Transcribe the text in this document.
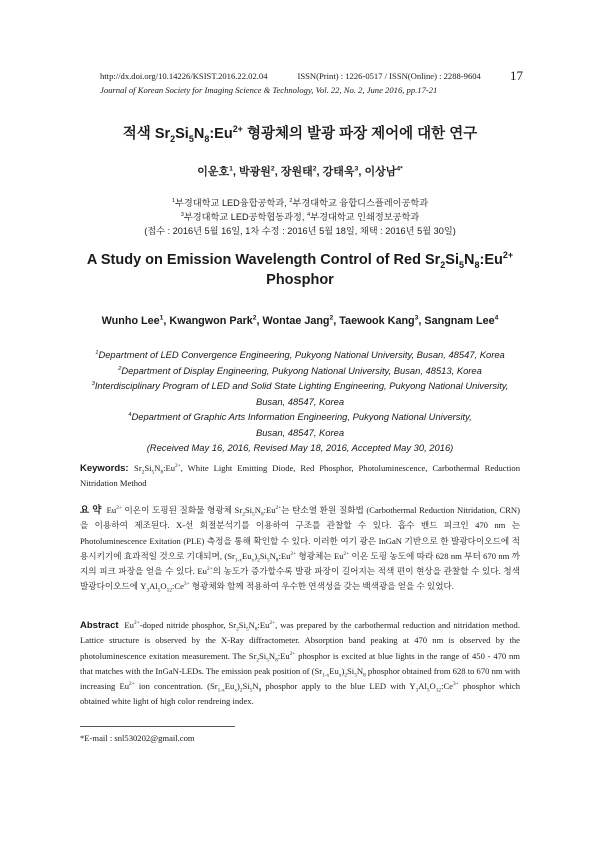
http://dx.doi.org/10.14226/KSIST.2016.22.02.04	ISSN(Print) : 1226-0517 / ISSN(Online) : 2288-9604	17
Journal of Korean Society for Imaging Science & Technology, Vol. 22, No. 2, June 2016, pp.17-21
적색 $Sr_2Si_5N_8:Eu^{2+}$ 형광체의 발광 파장 제어에 대한 연구
이운호$^1$, 박광원$^2$, 장원태$^2$, 강태욱$^3$, 이상남$^{4*}$
$^1$부경대학교 LED융합공학과, $^2$부경대학교 융합디스플레이공학과
$^3$부경대학교 LED공학협동과정, $^4$부경대학교 인쇄정보공학과
(접수 : 2016년 5월 16일, 1차 수정 : 2016년 5월 18일, 채택 : 2016년 5월 30일)
A Study on Emission Wavelength Control of Red $Sr_2Si_5N_8:Eu^{2+}$
Phosphor
Wunho Lee$^1$, Kwangwon Park$^2$, Wontae Jang$^2$, Taewook Kang$^3$, Sangnam Lee$^4$
$^1$Department of LED Convergence Engineering, Pukyong National University, Busan, 48547, Korea
$^2$Department of Display Engineering, Pukyong National University, Busan, 48513, Korea
$^3$Interdisciplinary Program of LED and Solid State Lighting Engineering, Pukyong National University,
Busan, 48547, Korea
$^4$Department of Graphic Arts Information Engineering, Pukyong National University,
Busan, 48547, Korea
(Received May 16, 2016, Revised May 18, 2016, Accepted May 30, 2016)
Keywords: $Sr_2Si_5N_8:Eu^{2+}$, White Light Emitting Diode, Red Phosphor, Photoluminescence, Carbothermal Reduction Nitridation Method
요 약  $Eu^{2+}$ 이온이 도핑된 질화물 형광체 $Sr_2Si_5N_8:Eu^{2+}$는 탄소열 환원 질화법 (Carbothermal Reduction Nitridation, CRN)을 이용하여 제조된다. X-선 회절분석기를 이용하여 구조를 관찰할 수 있다. 흡수 밴드 피크인 470 nm 는 Photoluminescence Exitation (PLE) 측정을 통해 확인할 수 있다. 이러한 여기 광은 InGaN 기반으로 한 발광다이오드에 적용시키기에 효과적일 것으로 기대되며, $(Sr_{1-x}Eu_x)_2Si_5N_8:Eu^{2+}$ 형광체는 $Eu^{2+}$ 이온 도핑 농도에 따라 628 nm 부터 670 nm 까지의 피크 파장을 얻을 수 있다. $Eu^{2+}$의 농도가 증가할수록 발광 파장이 길어지는 적색 편이 현상을 관찰할 수 있다. 청색 발광다이오드에 $Y_3Al_5O_{12}:Ce^{3+}$ 형광체와 함께 적용하여 우수한 연색성을 갖는 백색광을 얻을 수 있었다.
Abstract  $Eu^{2+}$-doped nitride phosphor, $Sr_2Si_5N_8:Eu^{2+}$, was prepared by the carbothermal reduction and nitridation method. Lattice structure is observed by the X-Ray diffractometer. Absorption band peaking at 470 nm is observed by the photoluminescence exitation measurement. The $Sr_2Si_5N_8:Eu^{2+}$ phosphor is excited at blue lights in the range of 450 - 470 nm that matches with the InGaN-LEDs. The emission peak position of $(Sr_{1-x}Eu_x)_2Si_5N_8$ phosphor obtained from 628 to 670 nm with increasing $Eu^{2+}$ ion concentration. $(Sr_{1-x}Eu_x)_2Si_5N_8$ phosphor apply to the blue LED with $Y_3Al_5O_{12}:Ce^{3+}$ phosphor which obtained white light of high color rendreing index.
*E-mail : snl530202@gmail.com
